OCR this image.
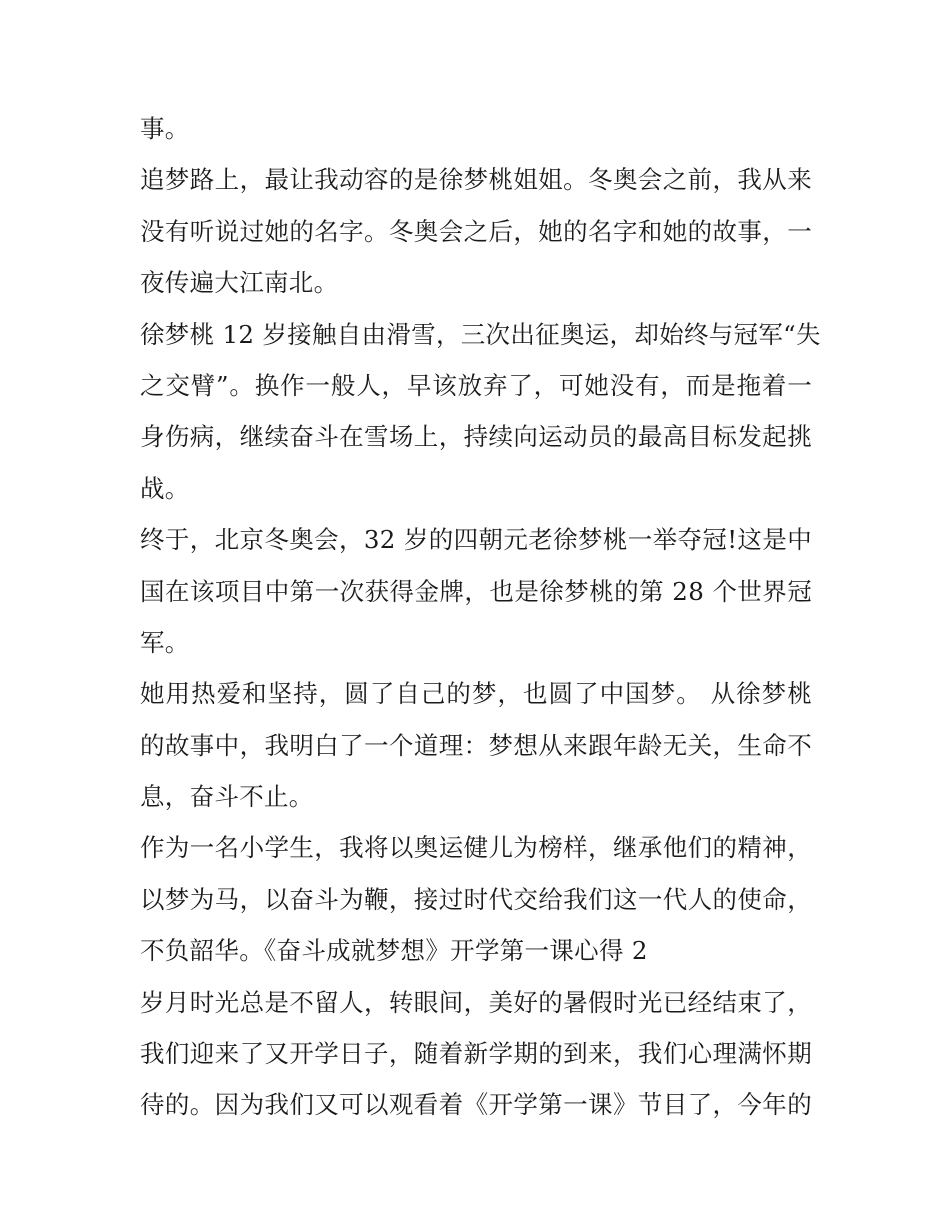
事。
追梦路上，最让我动容的是徐梦桃姐姐。冬奥会之前，我从来
没有听说过她的名字。冬奥会之后，她的名字和她的故事，一
夜传遍大江南北。
徐梦桃 12 岁接触自由滑雪，三次出征奥运，却始终与冠军“失
之交臂”。换作一般人，早该放弃了，可她没有，而是拖着一
身伤病，继续奋斗在雪场上，持续向运动员的最高目标发起挑
战。
终于，北京冬奥会，32 岁的四朝元老徐梦桃一举夺冠!这是中
国在该项目中第一次获得金牌，也是徐梦桃的第 28 个世界冠
军。
她用热爱和坚持，圆了自己的梦，也圆了中国梦。 从徐梦桃
的故事中，我明白了一个道理：梦想从来跟年龄无关，生命不
息，奋斗不止。
作为一名小学生，我将以奥运健儿为榜样，继承他们的精神，
以梦为马，以奋斗为鞭，接过时代交给我们这一代人的使命，
不负韶华。《奋斗成就梦想》开学第一课心得 2
岁月时光总是不留人，转眼间，美好的暑假时光已经结束了，
我们迎来了又开学日子，随着新学期的到来，我们心理满怀期
待的。因为我们又可以观看着《开学第一课》节目了，今年的
